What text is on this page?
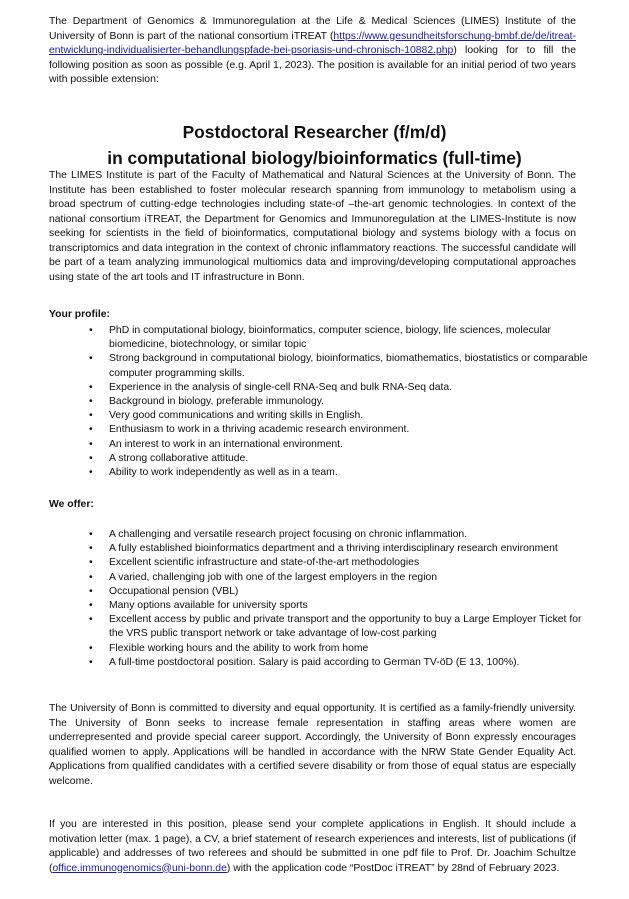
The Department of Genomics & Immunoregulation at the Life & Medical Sciences (LIMES) Institute of the University of Bonn is part of the national consortium iTREAT (https://www.gesundheitsforschung-bmbf.de/de/itreat-entwicklung-individualisierter-behandlungspfade-bei-psoriasis-und-chronisch-10882.php) looking for to fill the following position as soon as possible (e.g. April 1, 2023). The position is available for an initial period of two years with possible extension:

Postdoctoral Researcher (f/m/d)
in computational biology/bioinformatics (full-time)

The LIMES Institute is part of the Faculty of Mathematical and Natural Sciences at the University of Bonn. The Institute has been established to foster molecular research spanning from immunology to metabolism using a broad spectrum of cutting-edge technologies including state-of –the-art genomic technologies. In context of the national consortium iTREAT, the Department for Genomics and Immunoregulation at the LIMES-Institute is now seeking for scientists in the field of bioinformatics, computational biology and systems biology with a focus on transcriptomics and data integration in the context of chronic inflammatory reactions. The successful candidate will be part of a team analyzing immunological multiomics data and improving/developing computational approaches using state of the art tools and IT infrastructure in Bonn.

Your profile:
• PhD in computational biology, bioinformatics, computer science, biology, life sciences, molecular biomedicine, biotechnology, or similar topic
• Strong background in computational biology, bioinformatics, biomathematics, biostatistics or comparable computer programming skills.
• Experience in the analysis of single-cell RNA-Seq and bulk RNA-Seq data.
• Background in biology, preferable immunology.
• Very good communications and writing skills in English.
• Enthusiasm to work in a thriving academic research environment.
• An interest to work in an international environment.
• A strong collaborative attitude.
• Ability to work independently as well as in a team.
We offer:
• A challenging and versatile research project focusing on chronic inflammation.
• A fully established bioinformatics department and a thriving interdisciplinary research environment
• Excellent scientific infrastructure and state-of-the-art methodologies
• A varied, challenging job with one of the largest employers in the region
• Occupational pension (VBL)
• Many options available for university sports
• Excellent access by public and private transport and the opportunity to buy a Large Employer Ticket for the VRS public transport network or take advantage of low-cost parking
• Flexible working hours and the ability to work from home
• A full-time postdoctoral position. Salary is paid according to German TV-öD (E 13, 100%).

The University of Bonn is committed to diversity and equal opportunity. It is certified as a family-friendly university. The University of Bonn seeks to increase female representation in staffing areas where women are underrepresented and provide special career support. Accordingly, the University of Bonn expressly encourages qualified women to apply. Applications will be handled in accordance with the NRW State Gender Equality Act. Applications from qualified candidates with a certified severe disability or from those of equal status are especially welcome.

If you are interested in this position, please send your complete applications in English. It should include a motivation letter (max. 1 page), a CV, a brief statement of research experiences and interests, list of publications (if applicable) and addresses of two referees and should be submitted in one pdf file to Prof. Dr. Joachim Schultze (office.immunogenomics@uni-bonn.de) with the application code “PostDoc iTREAT” by 28nd of February 2023.
